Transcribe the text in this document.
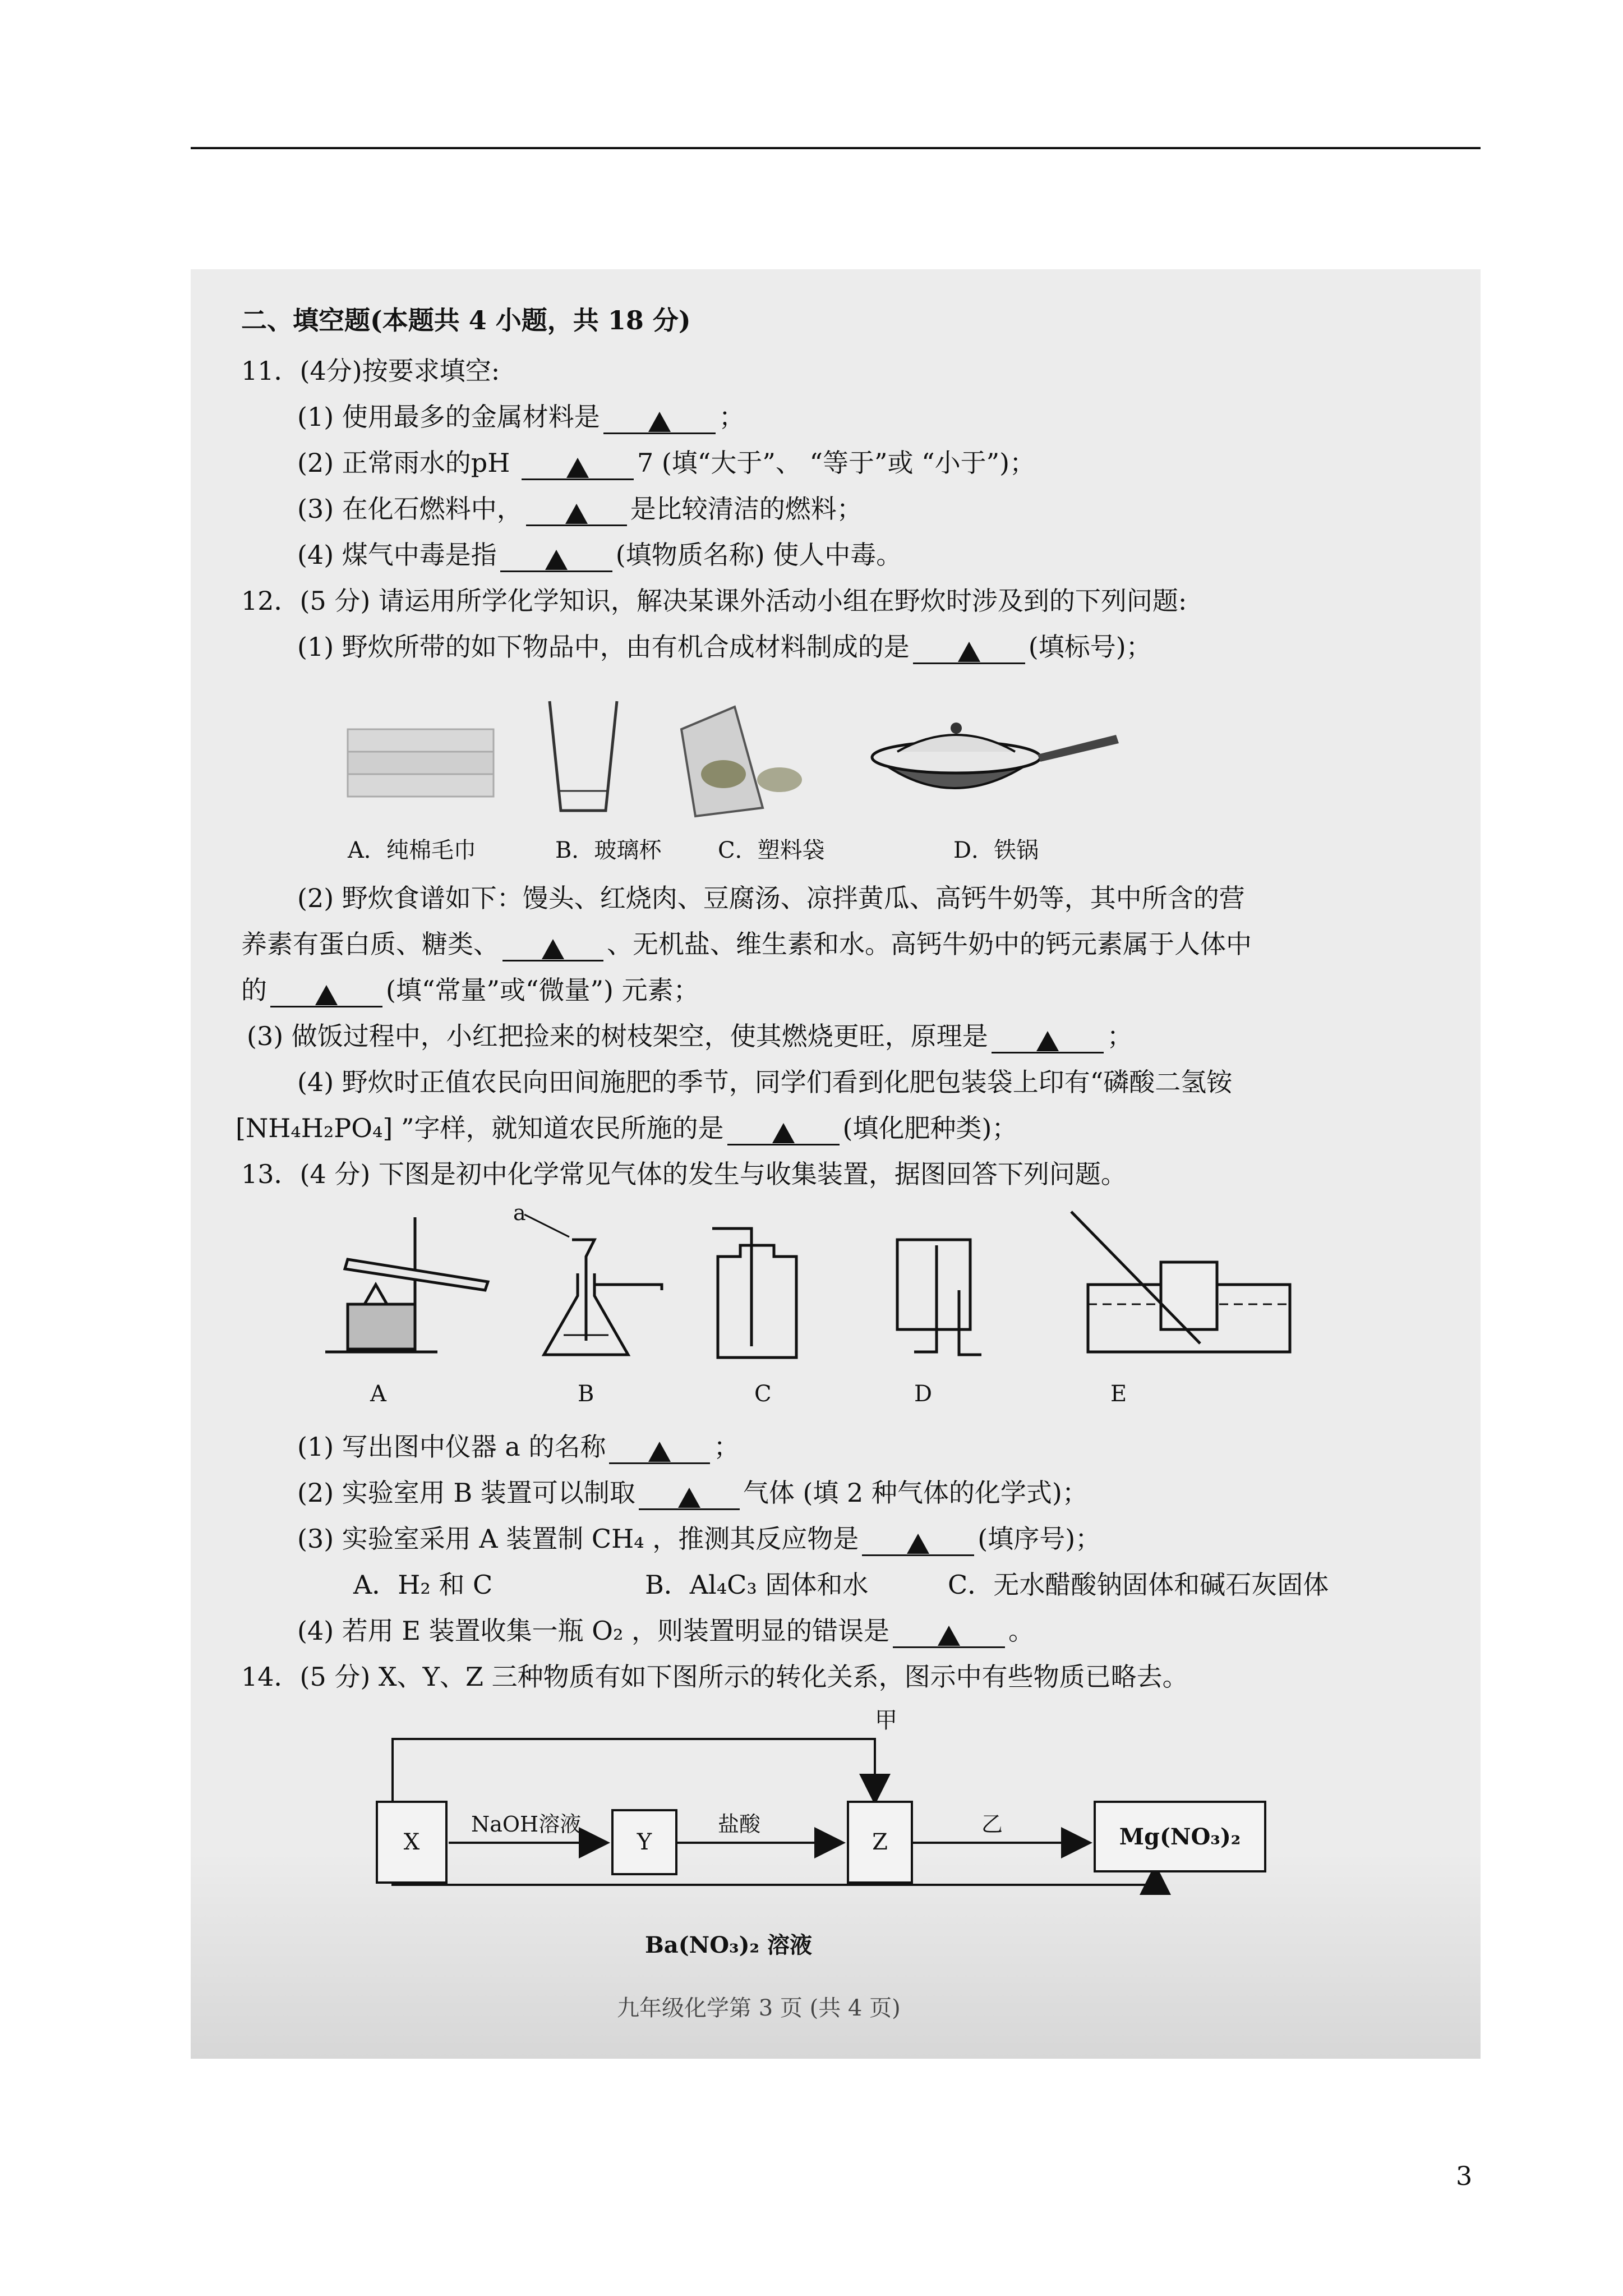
二、填空题(本题共 4 小题，共 18 分)
11．(4分)按要求填空:
(1) 使用最多的金属材料是	；
(2) 正常雨水的pH	7 (填“大于”、 “等于”或 “小于”)；
(3) 在化石燃料中，	是比较清洁的燃料；
(4) 煤气中毒是指	(填物质名称) 使人中毒。
12．(5 分) 请运用所学化学知识，解决某课外活动小组在野炊时涉及到的下列问题:
(1) 野炊所带的如下物品中，由有机合成材料制成的是	(填标号)；
A．纯棉毛巾	B．玻璃杯	C．塑料袋	D．铁锅
(2) 野炊食谱如下：馒头、红烧肉、豆腐汤、凉拌黄瓜、高钙牛奶等，其中所含的营
养素有蛋白质、糖类、	、无机盐、维生素和水。高钙牛奶中的钙元素属于人体中
的	(填“常量”或“微量”) 元素；
(3) 做饭过程中，小红把捡来的树枝架空，使其燃烧更旺，原理是	；
(4) 野炊时正值农民向田间施肥的季节，同学们看到化肥包装袋上印有“磷酸二氢铵
[NH₄H₂PO₄] ”字样，就知道农民所施的是	(填化肥种类)；
13．(4 分) 下图是初中化学常见气体的发生与收集装置，据图回答下列问题。
a
A	B	C	D	E
(1) 写出图中仪器 a 的名称	；
(2) 实验室用 B 装置可以制取	气体 (填 2 种气体的化学式)；
(3) 实验室采用 A 装置制 CH₄ ，推测其反应物是	(填序号)；
A．H₂ 和 C	B．Al₄C₃ 固体和水	C．无水醋酸钠固体和碱石灰固体
(4) 若用 E 装置收集一瓶 O₂ ，则装置明显的错误是	。
14．(5 分) X、Y、Z 三种物质有如下图所示的转化关系，图示中有些物质已略去。
甲
NaOH溶液	盐酸	乙
X	Y	Z	Mg(NO₃)₂
Ba(NO₃)₂ 溶液
九年级化学第 3 页 (共 4 页)
3
